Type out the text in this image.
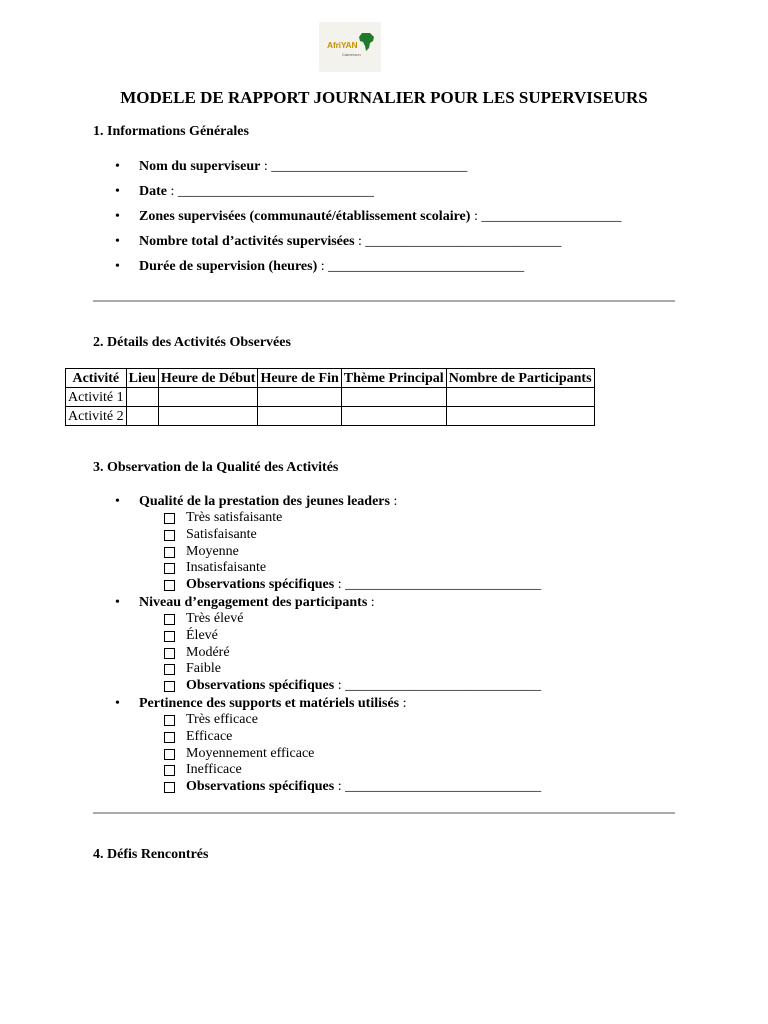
AfriYAN
Cameroun
MODELE DE RAPPORT JOURNALIER POUR LES SUPERVISEURS
1. Informations Générales
• Nom du superviseur : ____________________________
• Date : ____________________________
• Zones supervisées (communauté/établissement scolaire) : ____________________
• Nombre total d’activités supervisées : ____________________________
• Durée de supervision (heures) : ____________________________
2. Détails des Activités Observées
Activité	Lieu	Heure de Début	Heure de Fin	Thème Principal	Nombre de Participants
Activité 1					
Activité 2					
3. Observation de la Qualité des Activités
• Qualité de la prestation des jeunes leaders :
Très satisfaisante
Satisfaisante
Moyenne
Insatisfaisante
Observations spécifiques : ____________________________
• Niveau d’engagement des participants :
Très élevé
Élevé
Modéré
Faible
Observations spécifiques : ____________________________
• Pertinence des supports et matériels utilisés :
Très efficace
Efficace
Moyennement efficace
Inefficace
Observations spécifiques : ____________________________
4. Défis Rencontrés
